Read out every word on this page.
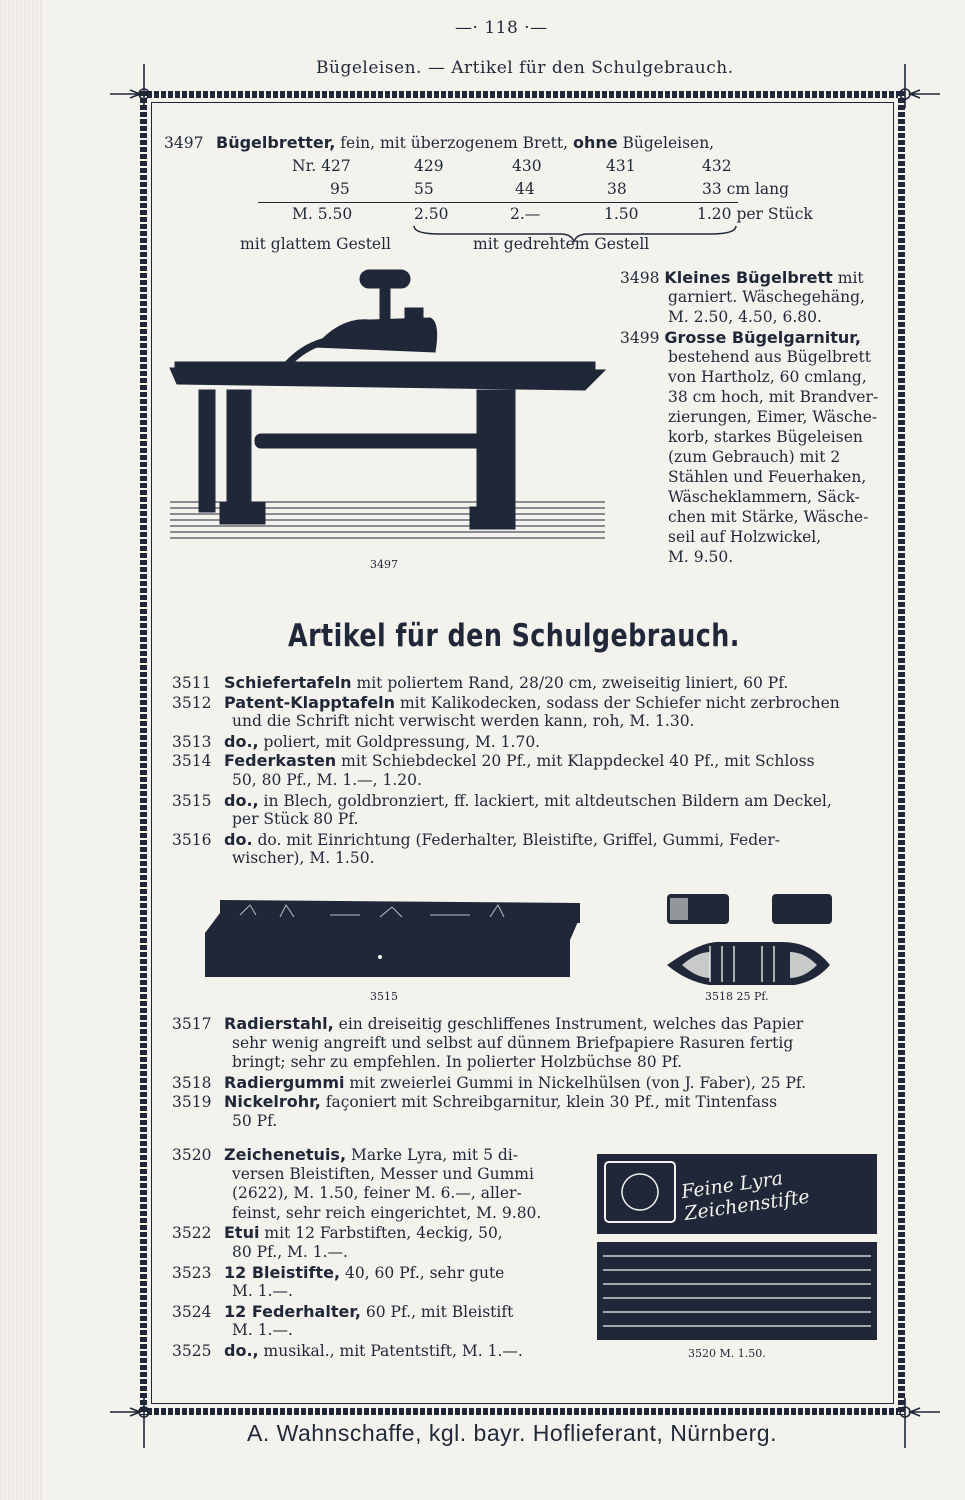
—· 118 ·—
Bügeleisen. — Artikel für den Schulgebrauch.
3497 Bügelbretter, fein, mit überzogenem Brett, ohne Bügeleisen,
Nr. 427	429	430	431	432
95	55	44	38	33 cm lang
M. 5.50	2.50	2.—	1.50	1.20 per Stück
mit glattem Gestell	mit gedrehtem Gestell
3497
3498 Kleines Bügelbrett mit
garniert. Wäschegehäng,
M. 2.50, 4.50, 6.80.
3499 Grosse Bügelgarnitur,
bestehend aus Bügelbrett
von Hartholz, 60 cmlang,
38 cm hoch, mit Brandver-
zierungen, Eimer, Wäsche-
korb, starkes Bügeleisen
(zum Gebrauch) mit 2
Stählen und Feuerhaken,
Wäscheklammern, Säck-
chen mit Stärke, Wäsche-
seil auf Holzwickel,
M. 9.50.
Artikel für den Schulgebrauch.
3511 Schiefertafeln mit poliertem Rand, 28/20 cm, zweiseitig liniert, 60 Pf.
3512 Patent-Klapptafeln mit Kalikodecken, sodass der Schiefer nicht zerbrochen
und die Schrift nicht verwischt werden kann, roh, M. 1.30.
3513 do., poliert, mit Goldpressung, M. 1.70.
3514 Federkasten mit Schiebdeckel 20 Pf., mit Klappdeckel 40 Pf., mit Schloss
50, 80 Pf., M. 1.—, 1.20.
3515 do., in Blech, goldbronziert, ff. lackiert, mit altdeutschen Bildern am Deckel,
per Stück 80 Pf.
3516 do. do. mit Einrichtung (Federhalter, Bleistifte, Griffel, Gummi, Feder-
wischer), M. 1.50.
3515	3518 25 Pf.
3517 Radierstahl, ein dreiseitig geschliffenes Instrument, welches das Papier
sehr wenig angreift und selbst auf dünnem Briefpapiere Rasuren fertig
bringt; sehr zu empfehlen. In polierter Holzbüchse 80 Pf.
3518 Radiergummi mit zweierlei Gummi in Nickelhülsen (von J. Faber), 25 Pf.
3519 Nickelrohr, façoniert mit Schreibgarnitur, klein 30 Pf., mit Tintenfass
50 Pf.
3520 Zeichenetuis, Marke Lyra, mit 5 di-
versen Bleistiften, Messer und Gummi
(2622), M. 1.50, feiner M. 6.—, aller-
feinst, sehr reich eingerichtet, M. 9.80.
3522 Etui mit 12 Farbstiften, 4eckig, 50,
80 Pf., M. 1.—.
3523 12 Bleistifte, 40, 60 Pf., sehr gute
M. 1.—.
3524 12 Federhalter, 60 Pf., mit Bleistift
M. 1.—.
3525 do., musikal., mit Patentstift, M. 1.—.
Feine Lyra Zeichenstifte
3520 M. 1.50.
A. Wahnschaffe, kgl. bayr. Hoflieferant, Nürnberg.
